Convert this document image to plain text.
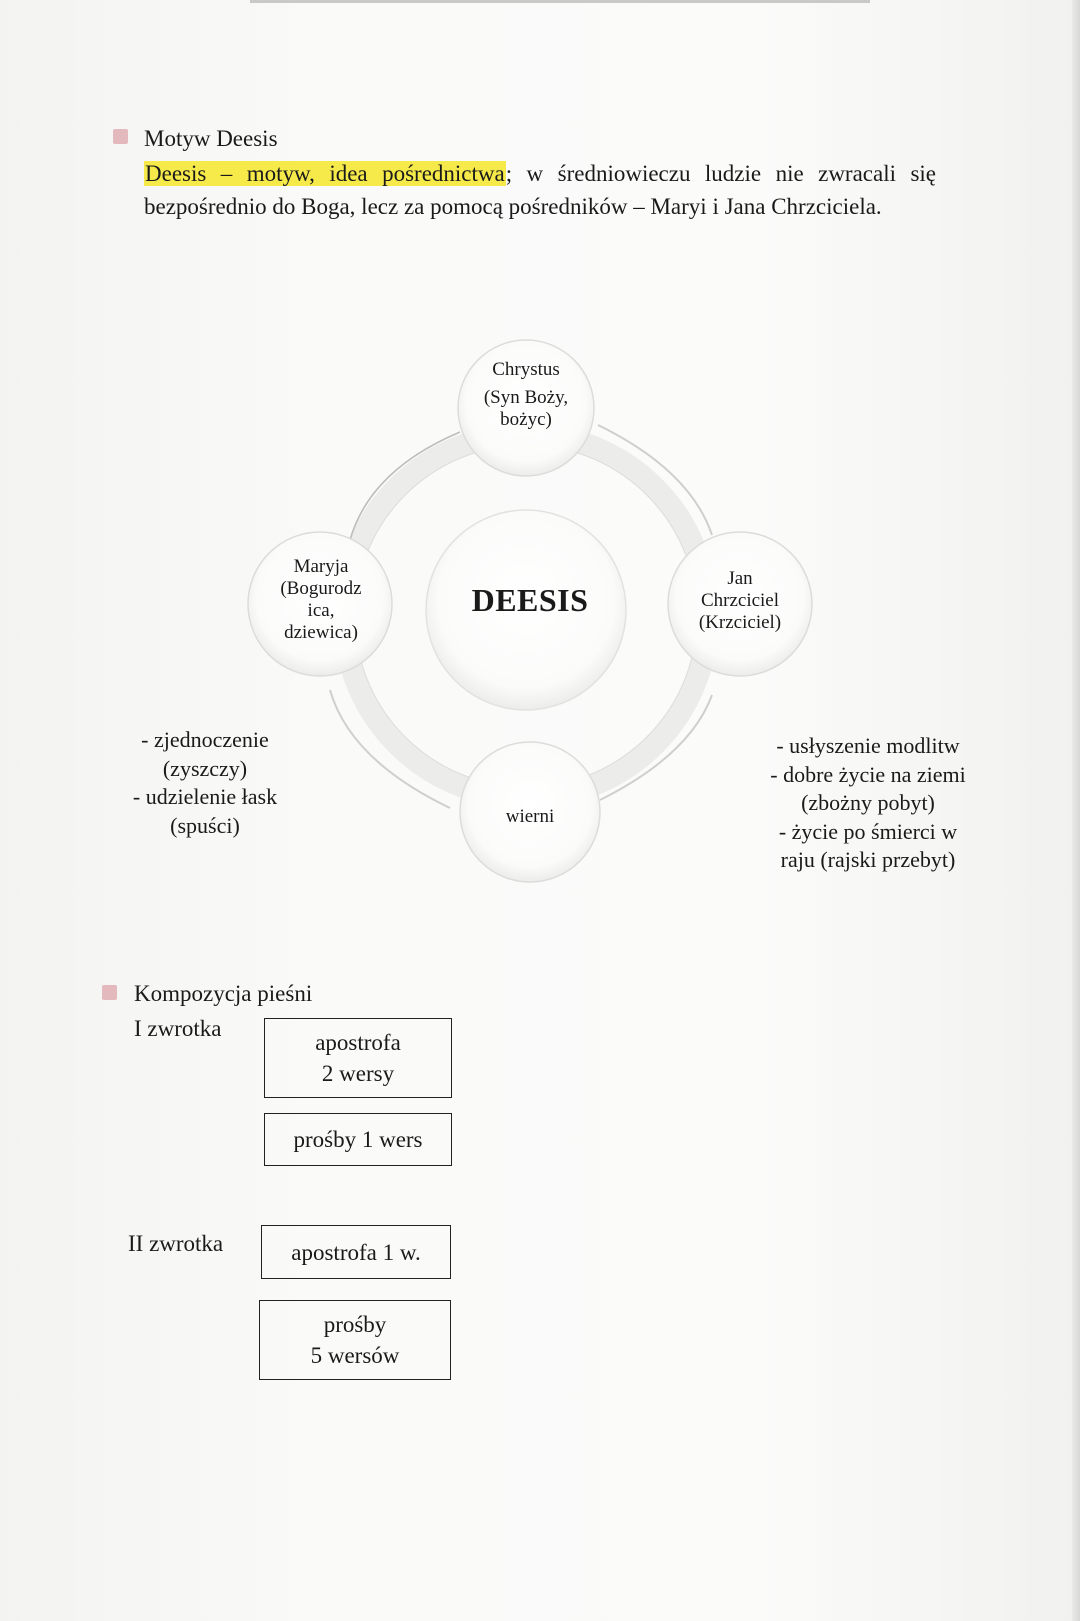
Motyw Deesis
Deesis – motyw, idea pośrednictwa; w średniowieczu ludzie nie zwracali się bezpośrednio do Boga, lecz za pomocą pośredników – Maryi i Jana Chrzciciela.
Chrystus
(Syn Boży,
bożyc)
Maryja
(Bogurodz
ica,
dziewica)
Jan
Chrzciciel
(Krzciciel)
wierni
DEESIS
- zjednoczenie
(zyszczy)
- udzielenie łask
(spuści)
- usłyszenie modlitw
- dobre życie na ziemi
(zbożny pobyt)
- życie po śmierci w
raju (rajski przebyt)
Kompozycja pieśni
I zwrotka
apostrofa
2 wersy
prośby 1 wers
II zwrotka	apostrofa 1 w.
prośby
5 wersów
